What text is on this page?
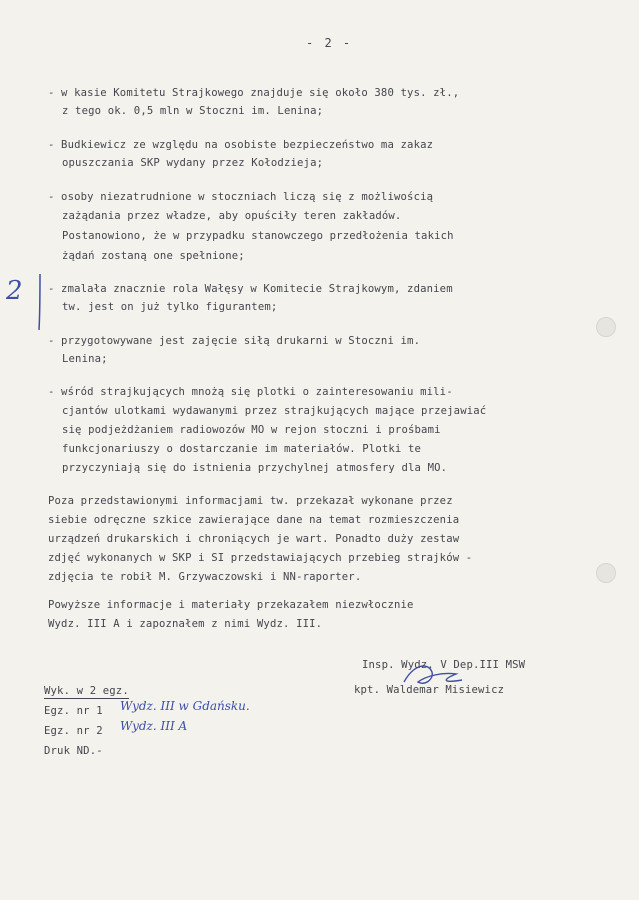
- 2 -
- w kasie Komitetu Strajkowego znajduje się około 380 tys. zł.,
z tego ok. 0,5 mln w Stoczni im. Lenina;
- Budkiewicz ze względu na osobiste bezpieczeństwo ma zakaz
opuszczania SKP wydany przez Kołodzieja;
- osoby niezatrudnione w stoczniach liczą się z możliwością
zażądania przez władze, aby opuściły teren zakładów.
Postanowiono, że w przypadku stanowczego przedłożenia takich
żądań zostaną one spełnione;
2 - zmalała znacznie rola Wałęsy w Komitecie Strajkowym, zdaniem
tw. jest on już tylko figurantem;
- przygotowywane jest zajęcie siłą drukarni w Stoczni im.
Lenina;
- wśród strajkujących mnożą się plotki o zainteresowaniu mili-
cjantów ulotkami wydawanymi przez strajkujących mające przejawiać
się podjeżdżaniem radiowozów MO w rejon stoczni i prośbami
funkcjonariuszy o dostarczanie im materiałów. Plotki te
przyczyniają się do istnienia przychylnej atmosfery dla MO.
Poza przedstawionymi informacjami tw. przekazał wykonane przez
siebie odręczne szkice zawierające dane na temat rozmieszczenia
urządzeń drukarskich i chroniących je wart. Ponadto duży zestaw
zdjęć wykonanych w SKP i SI przedstawiających przebieg strajków -
zdjęcia te robił M. Grzywaczowski i NN-raporter.
Powyższe informacje i materiały przekazałem niezwłocznie
Wydz. III A i zapoznałem z nimi Wydz. III.
Insp. Wydz. V Dep.III MSW
kpt. Waldemar Misiewicz
Wyk. w 2 egz.
Egz. nr 1 Wydz. III w Gdańsku.
Egz. nr 2 Wydz. III A
Druk ND.-
